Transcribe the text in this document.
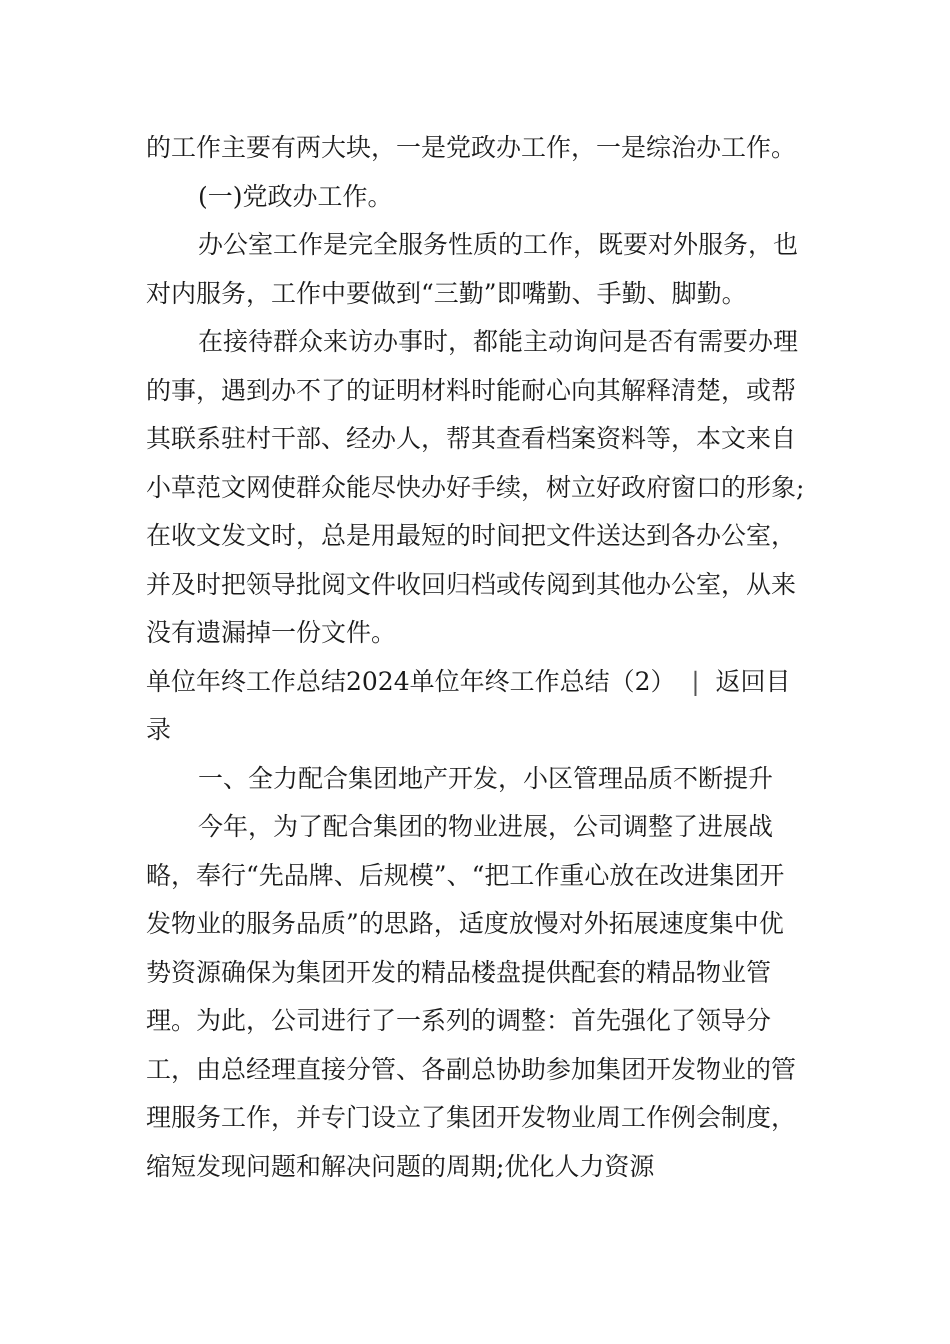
的工作主要有两大块，一是党政办工作，一是综治办工作。

(一)党政办工作。

办公室工作是完全服务性质的工作，既要对外服务，也对内服务，工作中要做到“三勤”即嘴勤、手勤、脚勤。

在接待群众来访办事时，都能主动询问是否有需要办理的事，遇到办不了的证明材料时能耐心向其解释清楚，或帮其联系驻村干部、经办人，帮其查看档案资料等，本文来自小草范文网使群众能尽快办好手续，树立好政府窗口的形象;在收文发文时，总是用最短的时间把文件送达到各办公室，并及时把领导批阅文件收回归档或传阅到其他办公室，从来没有遗漏掉一份文件。

单位年终工作总结2024单位年终工作总结（2） | 返回目录

一、全力配合集团地产开发，小区管理品质不断提升

今年，为了配合集团的物业进展，公司调整了进展战略，奉行“先品牌、后规模”、“把工作重心放在改进集团开发物业的服务品质”的思路，适度放慢对外拓展速度集中优势资源确保为集团开发的精品楼盘提供配套的精品物业管理。为此，公司进行了一系列的调整：首先强化了领导分工，由总经理直接分管、各副总协助参加集团开发物业的管理服务工作，并专门设立了集团开发物业周工作例会制度，缩短发现问题和解决问题的周期;优化人力资源
